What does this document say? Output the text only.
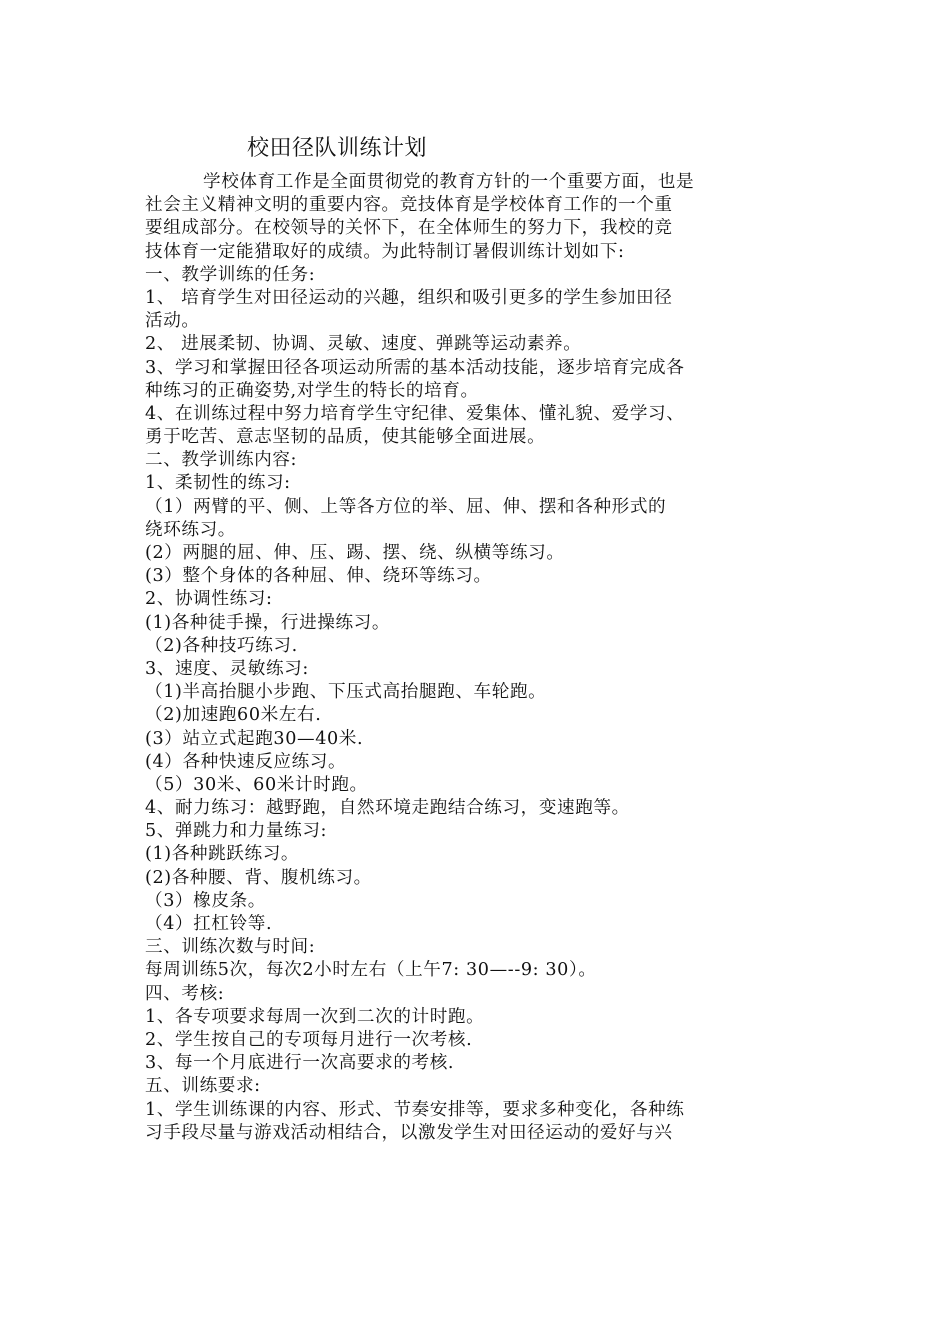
校田径队训练计划
学校体育工作是全面贯彻党的教育方针的一个重要方面，也是
社会主义精神文明的重要内容。竞技体育是学校体育工作的一个重
要组成部分。在校领导的关怀下，在全体师生的努力下，我校的竞
技体育一定能猎取好的成绩。为此特制订暑假训练计划如下:
一、教学训练的任务:
1、 培育学生对田径运动的兴趣，组织和吸引更多的学生参加田径
活动。
2、 进展柔韧、协调、灵敏、速度、弹跳等运动素养。
3、学习和掌握田径各项运动所需的基本活动技能，逐步培育完成各
种练习的正确姿势,对学生的特长的培育。
4、在训练过程中努力培育学生守纪律、爱集体、懂礼貌、爱学习、
勇于吃苦、意志坚韧的品质，使其能够全面进展。
二、教学训练内容:
1、柔韧性的练习:
（1）两臂的平、侧、上等各方位的举、屈、伸、摆和各种形式的
绕环练习。
(2）两腿的屈、伸、压、踢、摆、绕、纵横等练习。
(3）整个身体的各种屈、伸、绕环等练习。
2、协调性练习:
(1)各种徒手操，行进操练习。
（2)各种技巧练习.
3、速度、灵敏练习:
（1)半高抬腿小步跑、下压式高抬腿跑、车轮跑。
（2)加速跑60米左右.
(3）站立式起跑30—40米.
(4）各种快速反应练习。
（5）30米、60米计时跑。
4、耐力练习：越野跑，自然环境走跑结合练习，变速跑等。
5、弹跳力和力量练习:
(1)各种跳跃练习。
(2)各种腰、背、腹机练习。
（3）橡皮条。
（4）扛杠铃等.
三、训练次数与时间:
每周训练5次，每次2小时左右（上午7: 30—--9: 30）。
四、考核:
1、各专项要求每周一次到二次的计时跑。
2、学生按自己的专项每月进行一次考核.
3、每一个月底进行一次高要求的考核.
五、训练要求:
1、学生训练课的内容、形式、节奏安排等，要求多种变化，各种练
习手段尽量与游戏活动相结合，以激发学生对田径运动的爱好与兴
